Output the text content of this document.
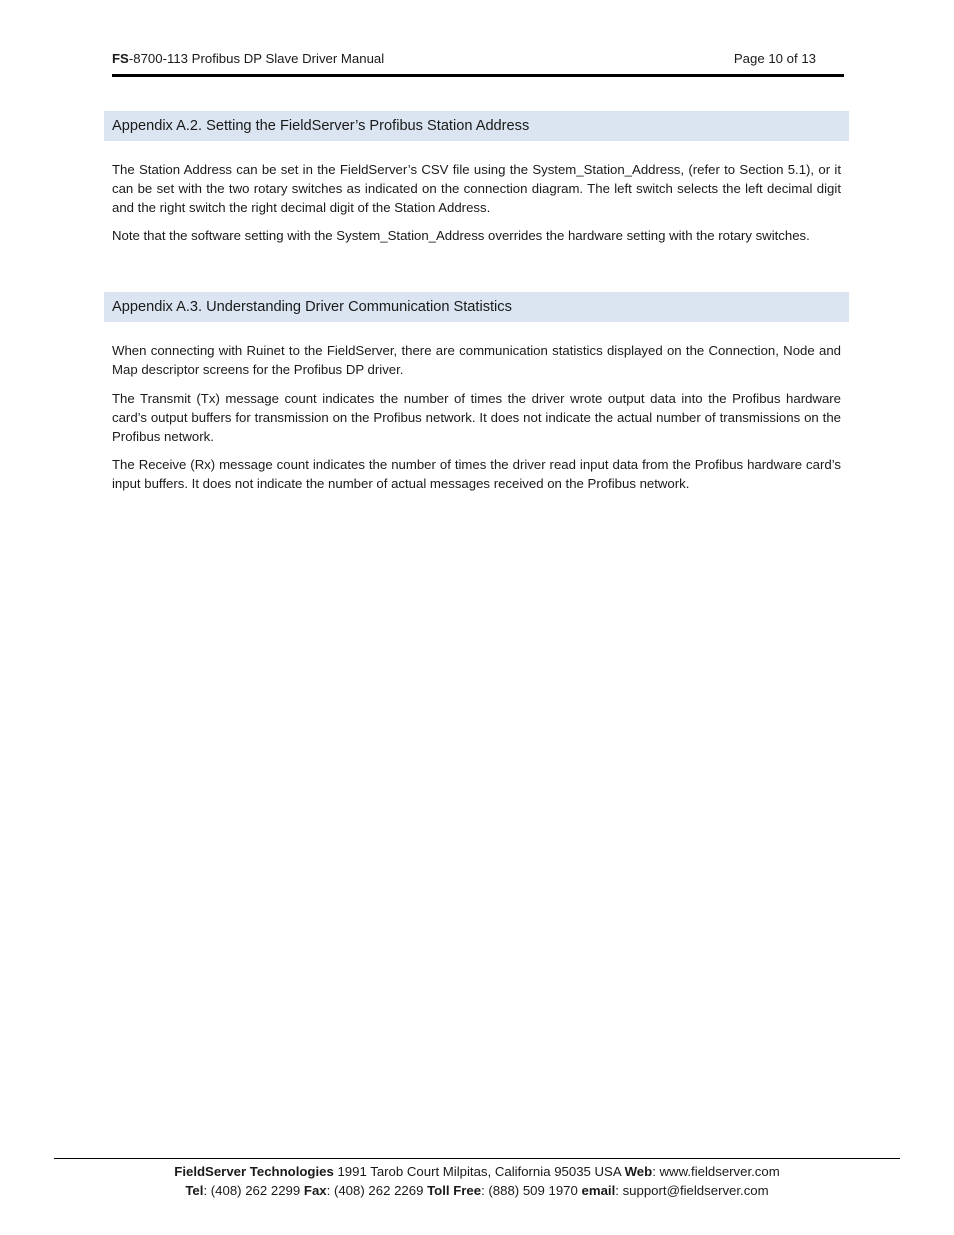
FS-8700-113 Profibus DP Slave Driver Manual	Page 10 of 13
Appendix A.2. Setting the FieldServer’s Profibus Station Address

The Station Address can be set in the FieldServer’s CSV file using the System_Station_Address, (refer to Section 5.1), or it can be set with the two rotary switches as indicated on the connection diagram. The left switch selects the left decimal digit and the right switch the right decimal digit of the Station Address.

Note that the software setting with the System_Station_Address overrides the hardware setting with the rotary switches.

Appendix A.3. Understanding Driver Communication Statistics

When connecting with Ruinet to the FieldServer, there are communication statistics displayed on the Connection, Node and Map descriptor screens for the Profibus DP driver.

The Transmit (Tx) message count indicates the number of times the driver wrote output data into the Profibus hardware card’s output buffers for transmission on the Profibus network. It does not indicate the actual number of transmissions on the Profibus network.

The Receive (Rx) message count indicates the number of times the driver read input data from the Profibus hardware card’s input buffers. It does not indicate the number of actual messages received on the Profibus network.

FieldServer Technologies 1991 Tarob Court Milpitas, California 95035 USA Web: www.fieldserver.com
Tel: (408) 262 2299 Fax: (408) 262 2269 Toll Free: (888) 509 1970 email: support@fieldserver.com
